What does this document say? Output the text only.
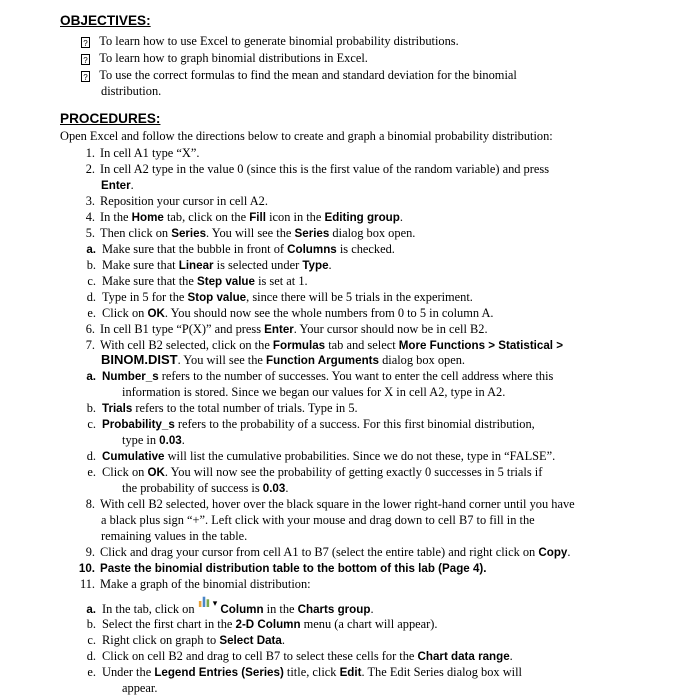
OBJECTIVES:
? To learn how to use Excel to generate binomial probability distributions.
? To learn how to graph binomial distributions in Excel.
? To use the correct formulas to find the mean and standard deviation for the binomial
distribution.
PROCEDURES:
Open Excel and follow the directions below to create and graph a binomial probability distribution:
1. In cell A1 type “X”.
2. In cell A2 type in the value 0 (since this is the first value of the random variable) and press
Enter.
3. Reposition your cursor in cell A2.
4. In the Home tab, click on the Fill icon in the Editing group.
5. Then click on Series. You will see the Series dialog box open.
a. Make sure that the bubble in front of Columns is checked.
b. Make sure that Linear is selected under Type.
c. Make sure that the Step value is set at 1.
d. Type in 5 for the Stop value, since there will be 5 trials in the experiment.
e. Click on OK. You should now see the whole numbers from 0 to 5 in column A.
6. In cell B1 type “P(X)” and press Enter. Your cursor should now be in cell B2.
7. With cell B2 selected, click on the Formulas tab and select More Functions > Statistical >
BINOM.DIST. You will see the Function Arguments dialog box open.
a. Number_s refers to the number of successes. You want to enter the cell address where this
information is stored. Since we began our values for X in cell A2, type in A2.
b. Trials refers to the total number of trials. Type in 5.
c. Probability_s refers to the probability of a success. For this first binomial distribution,
type in 0.03.
d. Cumulative will list the cumulative probabilities. Since we do not these, type in “FALSE”.
e. Click on OK. You will now see the probability of getting exactly 0 successes in 5 trials if
the probability of success is 0.03.
8. With cell B2 selected, hover over the black square in the lower right-hand corner until you have
a black plus sign “+”. Left click with your mouse and drag down to cell B7 to fill in the
remaining values in the table.
9. Click and drag your cursor from cell A1 to B7 (select the entire table) and right click on Copy.
10. Paste the binomial distribution table to the bottom of this lab (Page 4).
11. Make a graph of the binomial distribution:
a. In the tab, click on  ▾ Column in the Charts group.
b. Select the first chart in the 2-D Column menu (a chart will appear).
c. Right click on graph to Select Data.
d. Click on cell B2 and drag to cell B7 to select these cells for the Chart data range.
e. Under the Legend Entries (Series) title, click Edit. The Edit Series dialog box will
appear.
